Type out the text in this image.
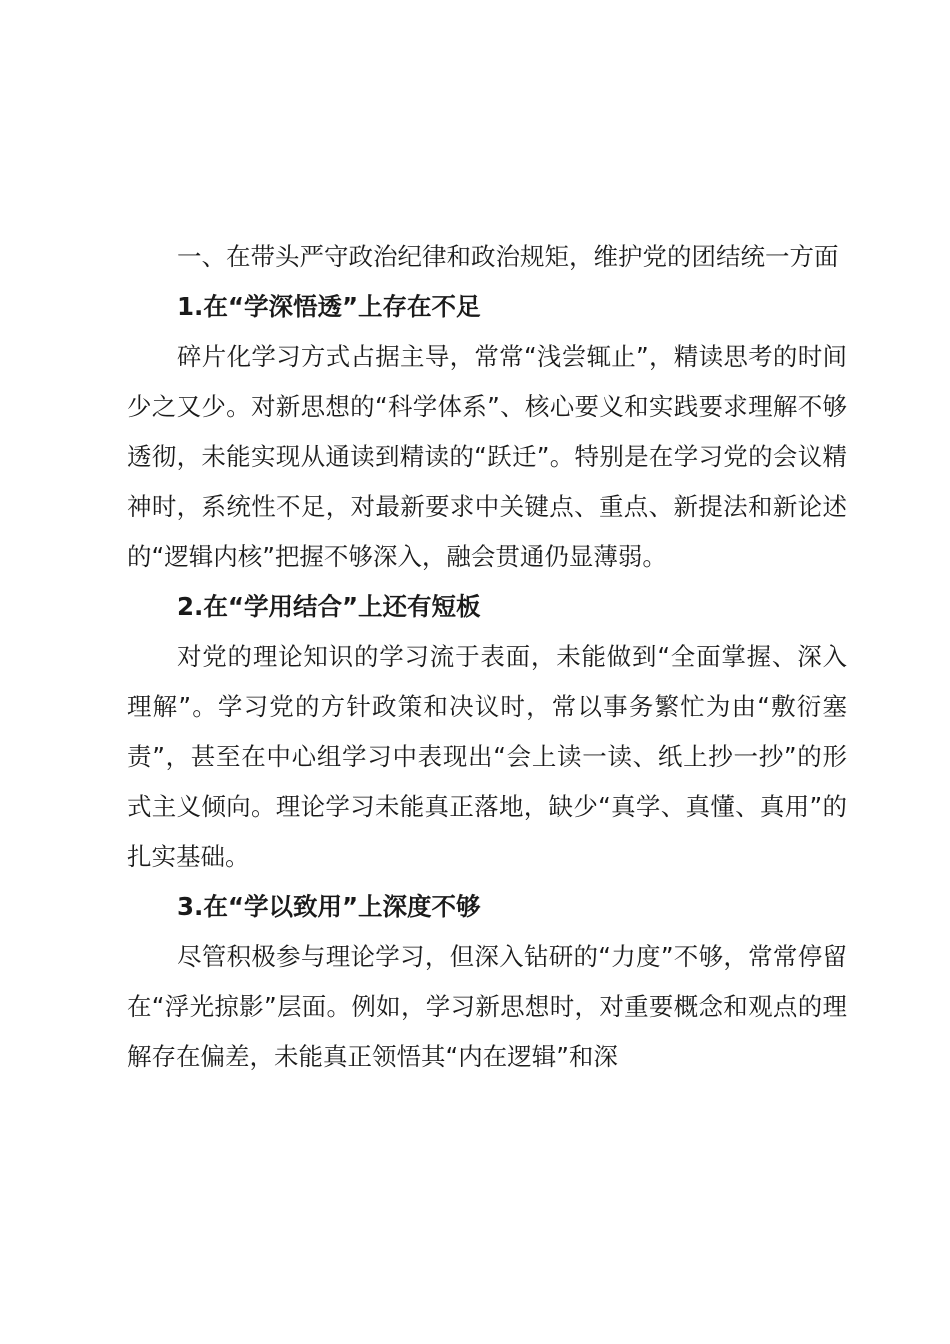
一、在带头严守政治纪律和政治规矩，维护党的团结统一方面

1.在“学深悟透”上存在不足

碎片化学习方式占据主导，常常“浅尝辄止”，精读思考的时间少之又少。对新思想的“科学体系”、核心要义和实践要求理解不够透彻，未能实现从通读到精读的“跃迁”。特别是在学习党的会议精神时，系统性不足，对最新要求中关键点、重点、新提法和新论述的“逻辑内核”把握不够深入，融会贯通仍显薄弱。

2.在“学用结合”上还有短板

对党的理论知识的学习流于表面，未能做到“全面掌握、深入理解”。学习党的方针政策和决议时，常以事务繁忙为由“敷衍塞责”，甚至在中心组学习中表现出“会上读一读、纸上抄一抄”的形式主义倾向。理论学习未能真正落地，缺少“真学、真懂、真用”的扎实基础。

3.在“学以致用”上深度不够

尽管积极参与理论学习，但深入钻研的“力度”不够，常常停留在“浮光掠影”层面。例如，学习新思想时，对重要概念和观点的理解存在偏差，未能真正领悟其“内在逻辑”和深
